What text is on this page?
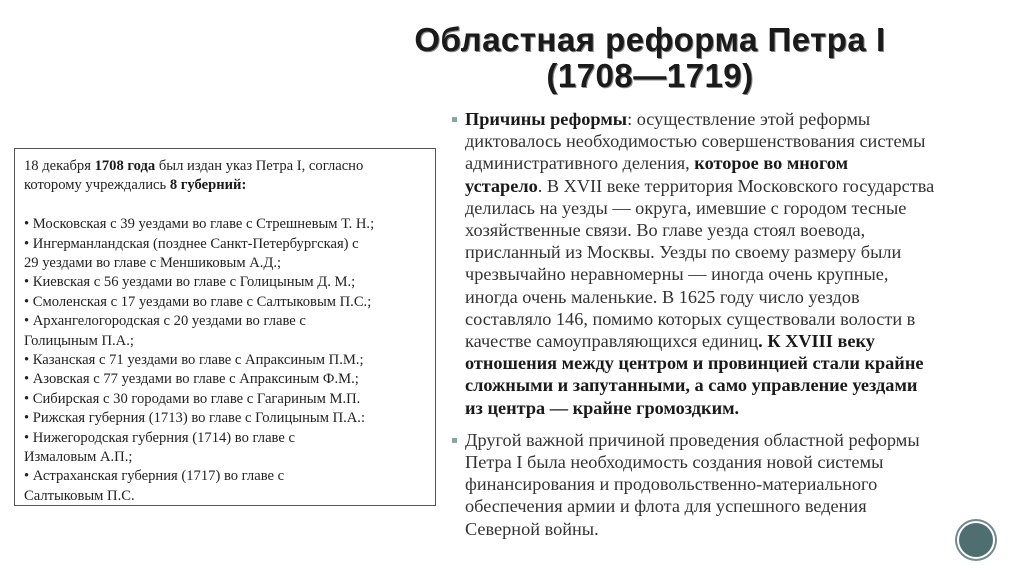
Областная реформа Петра I
(1708—1719)
18 декабря 1708 года был издан указ Петра I, согласно
которому учреждались 8 губерний:
• Московская с 39 уездами во главе с Стрешневым Т. Н.;
• Ингерманландская (позднее Санкт-Петербургская) с
29 уездами во главе с Меншиковым А.Д.;
• Киевская с 56 уездами во главе с Голицыным Д. М.;
• Смоленская с 17 уездами во главе с Салтыковым П.С.;
• Архангелогородская с 20 уездами во главе с
Голицыным П.А.;
• Казанская с 71 уездами во главе с Апраксиным П.М.;
• Азовская с 77 уездами во главе с Апраксиным Ф.М.;
• Сибирская с 30 городами во главе с Гагариным М.П.
• Рижская губерния (1713) во главе с Голицыным П.А.:
• Нижегородская губерния (1714) во главе с
Измаловым А.П.;
• Астраханская губерния (1717) во главе с
Салтыковым П.С.
Причины реформы: осуществление этой реформы
диктовалось необходимостью совершенствования системы
административного деления, которое во многом
устарело. В XVII веке территория Московского государства
делилась на уезды — округа, имевшие с городом тесные
хозяйственные связи. Во главе уезда стоял воевода,
присланный из Москвы. Уезды по своему размеру были
чрезвычайно неравномерны — иногда очень крупные,
иногда очень маленькие. В 1625 году число уездов
составляло 146, помимо которых существовали волости в
качестве самоуправляющихся единиц. К XVIII веку
отношения между центром и провинцией стали крайне
сложными и запутанными, а само управление уездами
из центра — крайне громоздким.
Другой важной причиной проведения областной реформы
Петра I была необходимость создания новой системы
финансирования и продовольственно-материального
обеспечения армии и флота для успешного ведения
Северной войны.
